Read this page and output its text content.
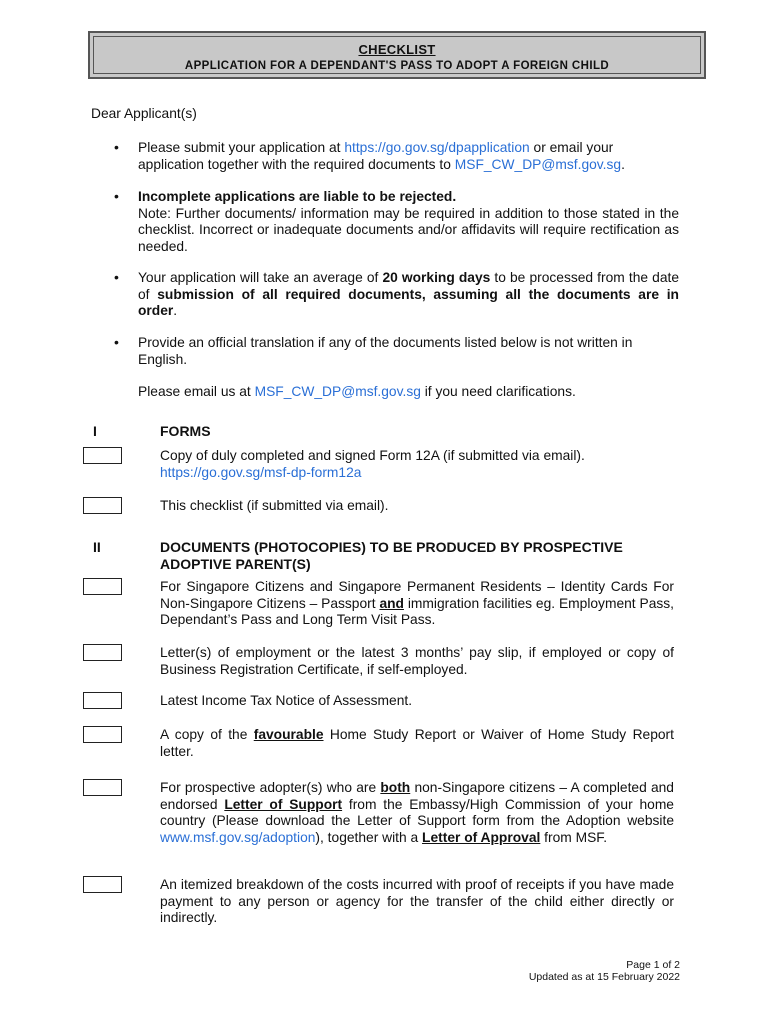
CHECKLIST
APPLICATION FOR A DEPENDANT'S PASS TO ADOPT A FOREIGN CHILD
Dear Applicant(s)
• Please submit your application at https://go.gov.sg/dpapplication or email your application together with the required documents to MSF_CW_DP@msf.gov.sg.
• Incomplete applications are liable to be rejected.
Note: Further documents/ information may be required in addition to those stated in the checklist. Incorrect or inadequate documents and/or affidavits will require rectification as needed.
• Your application will take an average of 20 working days to be processed from the date of submission of all required documents, assuming all the documents are in order.
• Provide an official translation if any of the documents listed below is not written in English.
Please email us at MSF_CW_DP@msf.gov.sg if you need clarifications.
I	FORMS
Copy of duly completed and signed Form 12A (if submitted via email).
https://go.gov.sg/msf-dp-form12a
This checklist (if submitted via email).
II	DOCUMENTS (PHOTOCOPIES) TO BE PRODUCED BY PROSPECTIVE ADOPTIVE PARENT(S)
For Singapore Citizens and Singapore Permanent Residents – Identity Cards For Non-Singapore Citizens – Passport and immigration facilities eg. Employment Pass, Dependant’s Pass and Long Term Visit Pass.
Letter(s) of employment or the latest 3 months’ pay slip, if employed or copy of Business Registration Certificate, if self-employed.
Latest Income Tax Notice of Assessment.
A copy of the favourable Home Study Report or Waiver of Home Study Report letter.
For prospective adopter(s) who are both non-Singapore citizens – A completed and endorsed Letter of Support from the Embassy/High Commission of your home country (Please download the Letter of Support form from the Adoption website www.msf.gov.sg/adoption), together with a Letter of Approval from MSF.
An itemized breakdown of the costs incurred with proof of receipts if you have made payment to any person or agency for the transfer of the child either directly or indirectly.
Page 1 of 2
Updated as at 15 February 2022
